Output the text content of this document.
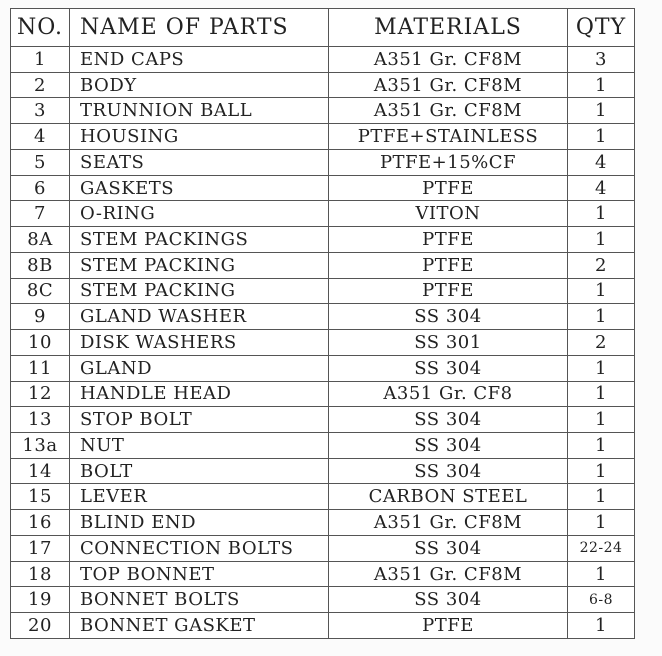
NO.	NAME OF PARTS	MATERIALS	QTY
1	END CAPS	A351 Gr. CF8M	3
2	BODY	A351 Gr. CF8M	1
3	TRUNNION BALL	A351 Gr. CF8M	1
4	HOUSING	PTFE+STAINLESS	1
5	SEATS	PTFE+15%CF	4
6	GASKETS	PTFE	4
7	O-RING	VITON	1
8A	STEM PACKINGS	PTFE	1
8B	STEM PACKING	PTFE	2
8C	STEM PACKING	PTFE	1
9	GLAND WASHER	SS 304	1
10	DISK WASHERS	SS 301	2
11	GLAND	SS 304	1
12	HANDLE HEAD	A351 Gr. CF8	1
13	STOP BOLT	SS 304	1
13a	NUT	SS 304	1
14	BOLT	SS 304	1
15	LEVER	CARBON STEEL	1
16	BLIND END	A351 Gr. CF8M	1
17	CONNECTION BOLTS	SS 304	22-24
18	TOP BONNET	A351 Gr. CF8M	1
19	BONNET BOLTS	SS 304	6-8
20	BONNET GASKET	PTFE	1
